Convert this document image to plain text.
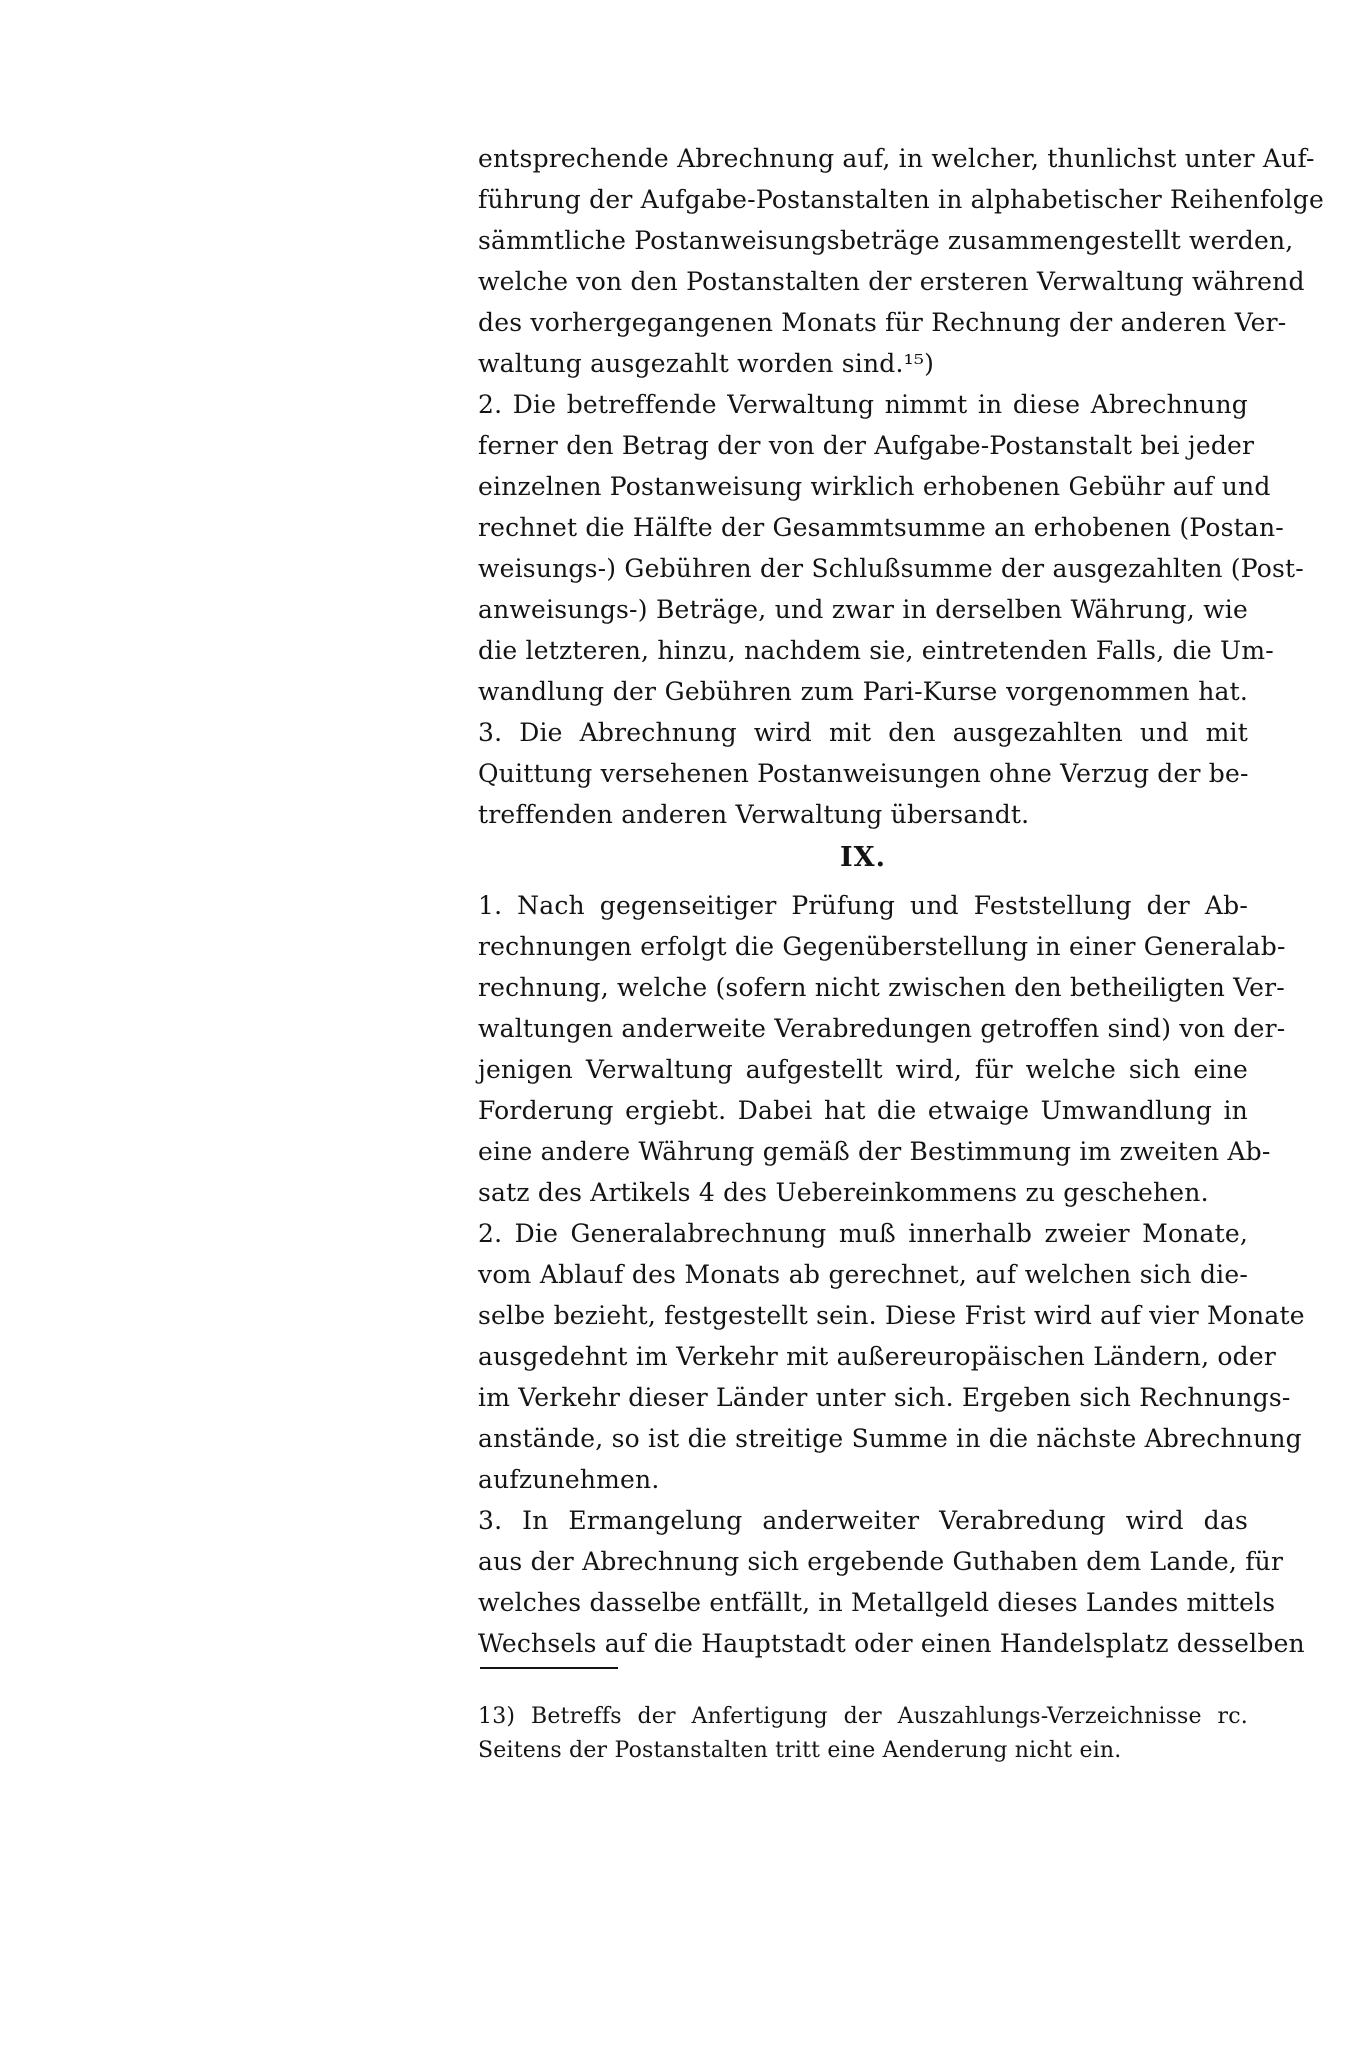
entsprechende Abrechnung auf, in welcher, thunlichst unter Auf-
führung der Aufgabe-Postanstalten in alphabetischer Reihenfolge
sämmtliche Postanweisungsbeträge zusammengestellt werden,
welche von den Postanstalten der ersteren Verwaltung während
des vorhergegangenen Monats für Rechnung der anderen Ver-
waltung ausgezahlt worden sind.¹⁵)
2. Die betreffende Verwaltung nimmt in diese Abrechnung
ferner den Betrag der von der Aufgabe-Postanstalt bei jeder
einzelnen Postanweisung wirklich erhobenen Gebühr auf und
rechnet die Hälfte der Gesammtsumme an erhobenen (Postan-
weisungs-) Gebühren der Schlußsumme der ausgezahlten (Post-
anweisungs-) Beträge, und zwar in derselben Währung, wie
die letzteren, hinzu, nachdem sie, eintretenden Falls, die Um-
wandlung der Gebühren zum Pari-Kurse vorgenommen hat.
3. Die Abrechnung wird mit den ausgezahlten und mit
Quittung versehenen Postanweisungen ohne Verzug der be-
treffenden anderen Verwaltung übersandt.
IX.
1. Nach gegenseitiger Prüfung und Feststellung der Ab-
rechnungen erfolgt die Gegenüberstellung in einer Generalab-
rechnung, welche (sofern nicht zwischen den betheiligten Ver-
waltungen anderweite Verabredungen getroffen sind) von der-
jenigen Verwaltung aufgestellt wird, für welche sich eine
Forderung ergiebt. Dabei hat die etwaige Umwandlung in
eine andere Währung gemäß der Bestimmung im zweiten Ab-
satz des Artikels 4 des Uebereinkommens zu geschehen.
2. Die Generalabrechnung muß innerhalb zweier Monate,
vom Ablauf des Monats ab gerechnet, auf welchen sich die-
selbe bezieht, festgestellt sein. Diese Frist wird auf vier Monate
ausgedehnt im Verkehr mit außereuropäischen Ländern, oder
im Verkehr dieser Länder unter sich. Ergeben sich Rechnungs-
anstände, so ist die streitige Summe in die nächste Abrechnung
aufzunehmen.
3. In Ermangelung anderweiter Verabredung wird das
aus der Abrechnung sich ergebende Guthaben dem Lande, für
welches dasselbe entfällt, in Metallgeld dieses Landes mittels
Wechsels auf die Hauptstadt oder einen Handelsplatz desselben
13) Betreffs der Anfertigung der Auszahlungs-Verzeichnisse rc.
Seitens der Postanstalten tritt eine Aenderung nicht ein.
